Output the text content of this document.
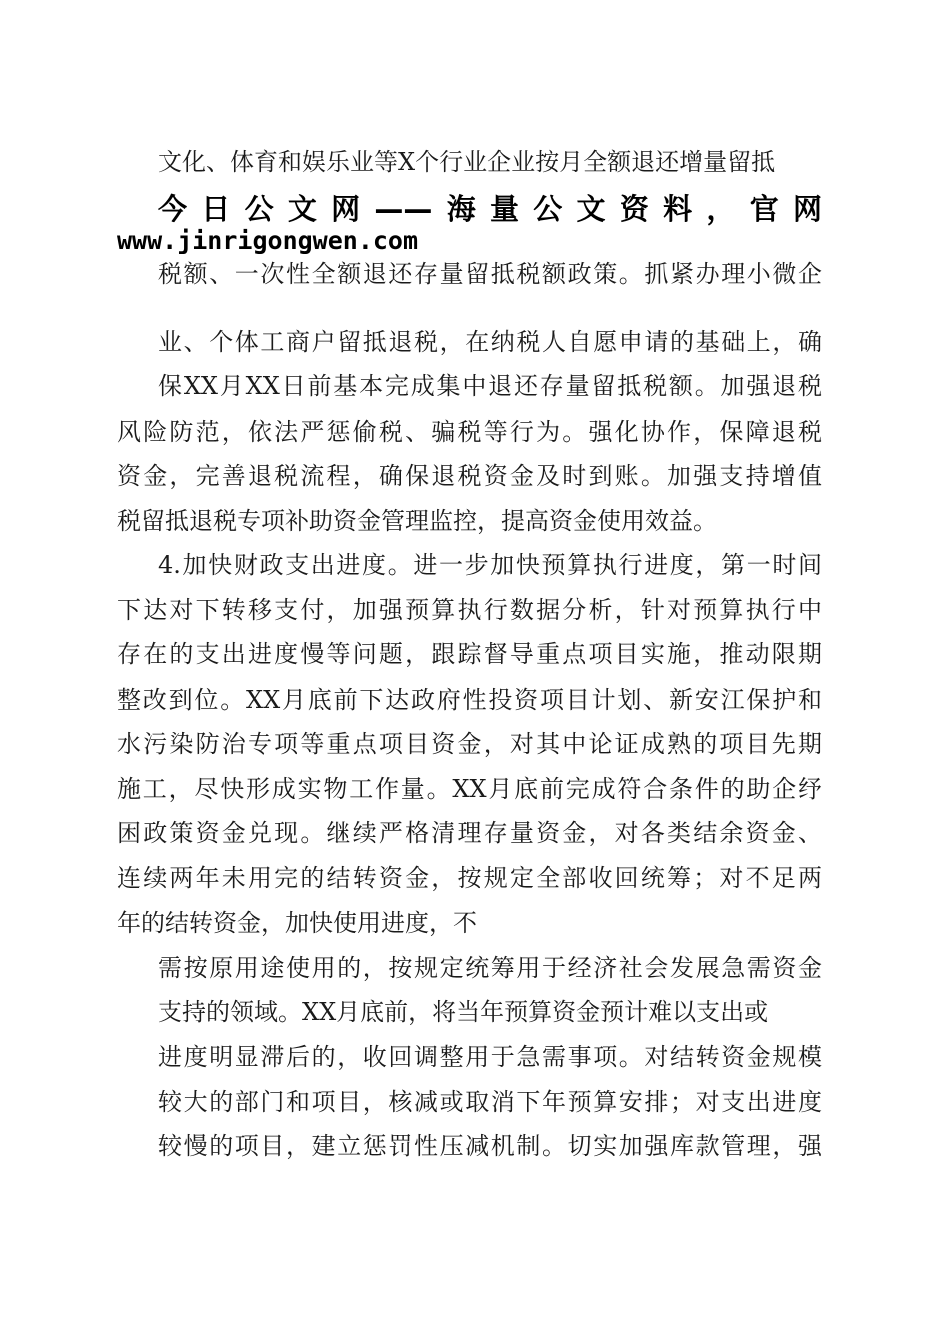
文化、体育和娱乐业等X个行业企业按月全额退还增量留抵
今日公文网——海量公文资料，官网
www.jinrigongwen.com
税额、一次性全额退还存量留抵税额政策。抓紧办理小微企
业、个体工商户留抵退税，在纳税人自愿申请的基础上，确
保XX月XX日前基本完成集中退还存量留抵税额。加强退税
风险防范，依法严惩偷税、骗税等行为。强化协作，保障退税
资金，完善退税流程，确保退税资金及时到账。加强支持增值
税留抵退税专项补助资金管理监控，提高资金使用效益。
4.加快财政支出进度。进一步加快预算执行进度，第一时间
下达对下转移支付，加强预算执行数据分析，针对预算执行中
存在的支出进度慢等问题，跟踪督导重点项目实施，推动限期
整改到位。XX月底前下达政府性投资项目计划、新安江保护和
水污染防治专项等重点项目资金，对其中论证成熟的项目先期
施工，尽快形成实物工作量。XX月底前完成符合条件的助企纾
困政策资金兑现。继续严格清理存量资金，对各类结余资金、
连续两年未用完的结转资金，按规定全部收回统筹；对不足两
年的结转资金，加快使用进度，不
需按原用途使用的，按规定统筹用于经济社会发展急需资金
支持的领域。XX月底前，将当年预算资金预计难以支出或
进度明显滞后的，收回调整用于急需事项。对结转资金规模
较大的部门和项目，核减或取消下年预算安排；对支出进度
较慢的项目，建立惩罚性压减机制。切实加强库款管理，强
